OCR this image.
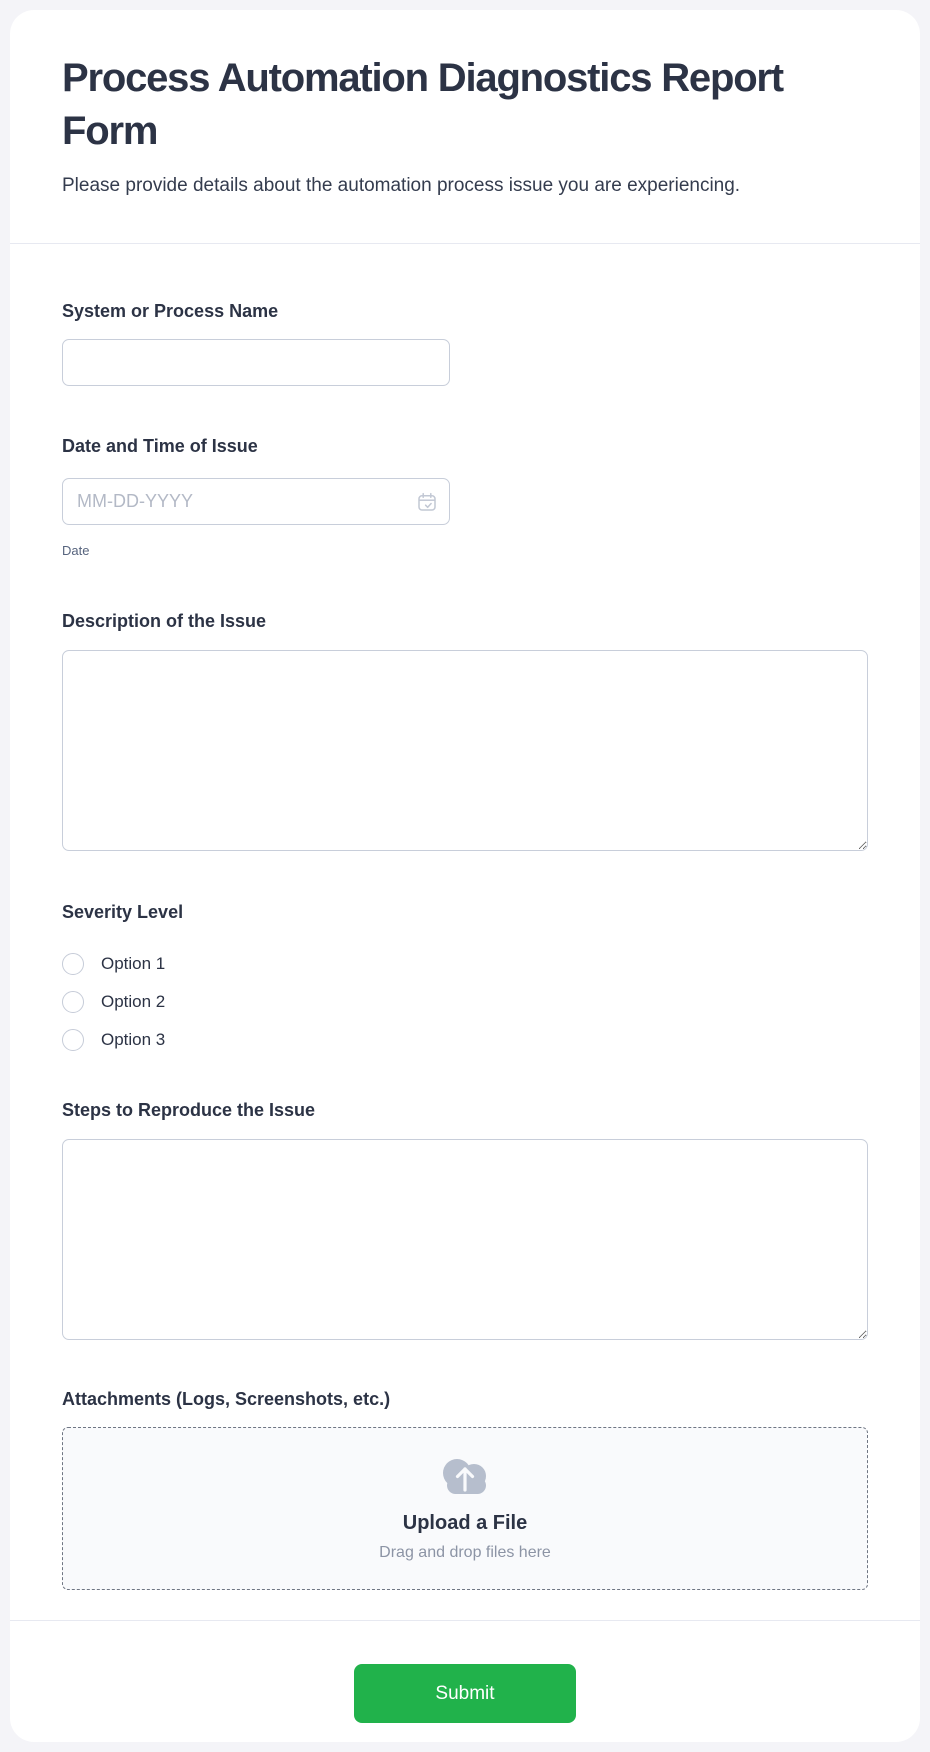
Process Automation Diagnostics Report Form
Please provide details about the automation process issue you are experiencing.
System or Process Name
Date and Time of Issue
MM-DD-YYYY
Date
Description of the Issue
Severity Level
Option 1
Option 2
Option 3
Steps to Reproduce the Issue
Attachments (Logs, Screenshots, etc.)
Upload a File
Drag and drop files here
Submit
